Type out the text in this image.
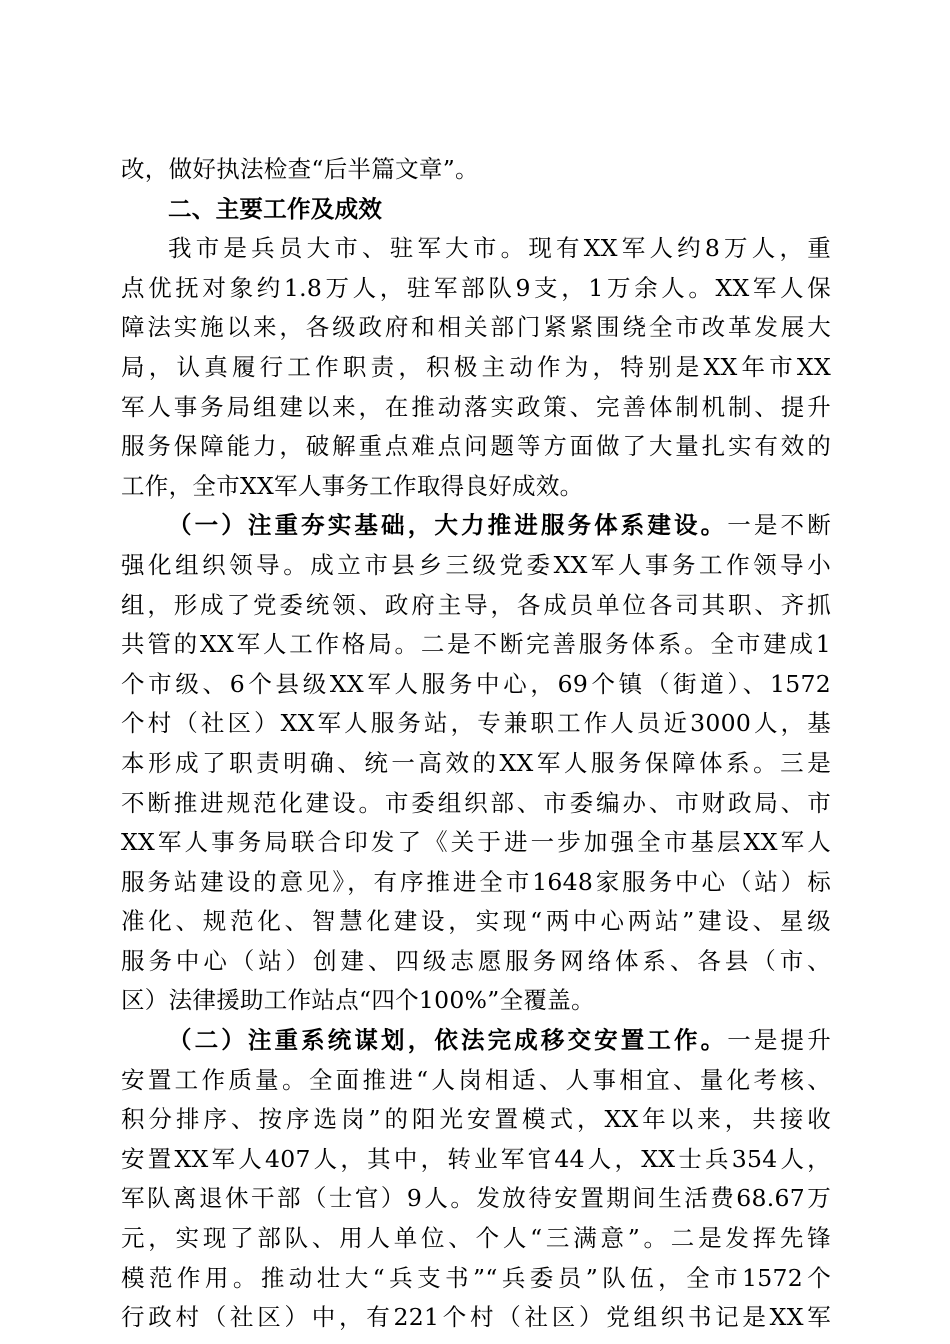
改，做好执法检查“后半篇文章”。
二、主要工作及成效
我市是兵员大市、驻军大市。现有XX军人约8万人，重
点优抚对象约1.8万人，驻军部队9支，1万余人。XX军人保
障法实施以来，各级政府和相关部门紧紧围绕全市改革发展大
局，认真履行工作职责，积极主动作为，特别是XX年市XX
军人事务局组建以来，在推动落实政策、完善体制机制、提升
服务保障能力，破解重点难点问题等方面做了大量扎实有效的
工作，全市XX军人事务工作取得良好成效。
（一）注重夯实基础，大力推进服务体系建设。一是不断
强化组织领导。成立市县乡三级党委XX军人事务工作领导小
组，形成了党委统领、政府主导，各成员单位各司其职、齐抓
共管的XX军人工作格局。二是不断完善服务体系。全市建成1
个市级、6个县级XX军人服务中心，69个镇（街道）、1572
个村（社区）XX军人服务站，专兼职工作人员近3000人，基
本形成了职责明确、统一高效的XX军人服务保障体系。三是
不断推进规范化建设。市委组织部、市委编办、市财政局、市
XX军人事务局联合印发了《关于进一步加强全市基层XX军人
服务站建设的意见》，有序推进全市1648家服务中心（站）标
准化、规范化、智慧化建设，实现“两中心两站”建设、星级
服务中心（站）创建、四级志愿服务网络体系、各县（市、
区）法律援助工作站点“四个100%”全覆盖。
（二）注重系统谋划，依法完成移交安置工作。一是提升
安置工作质量。全面推进“人岗相适、人事相宜、量化考核、
积分排序、按序选岗”的阳光安置模式，XX年以来，共接收
安置XX军人407人，其中，转业军官44人，XX士兵354人，
军队离退休干部（士官）9人。发放待安置期间生活费68.67万
元，实现了部队、用人单位、个人“三满意”。二是发挥先锋
模范作用。推动壮大“兵支书”“兵委员”队伍，全市1572个
行政村（社区）中，有221个村（社区）党组织书记是XX军
